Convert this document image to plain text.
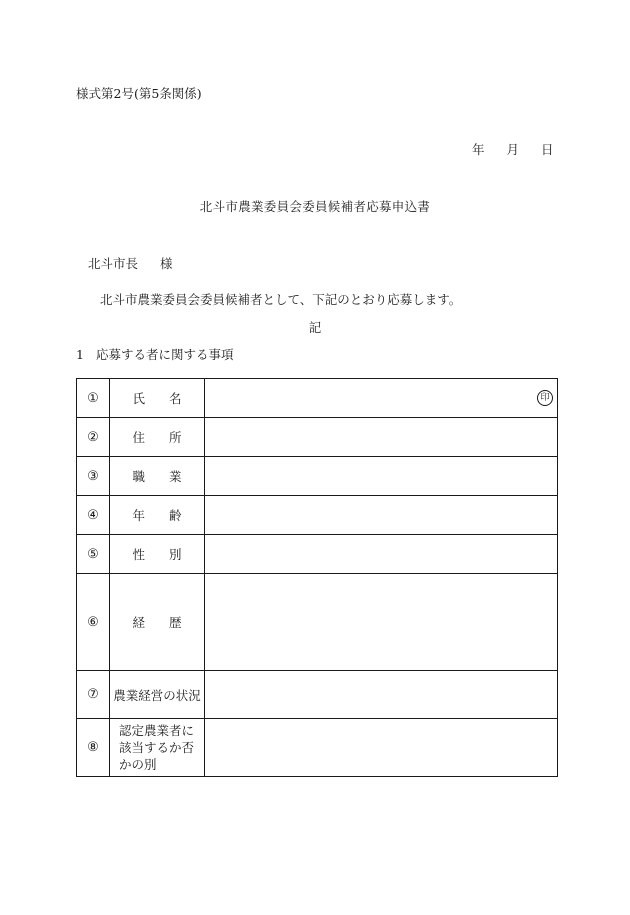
様式第2号(第5条関係)
年 月 日
北斗市農業委員会委員候補者応募申込書
北斗市長 様
北斗市農業委員会委員候補者として、下記のとおり応募します。
記
1 応募する者に関する事項
①	氏 名	印

②	住 所	
③	職 業	
④	年 齢	
⑤	性 別	
⑥	経 歴	
⑦	農業経営の状況	
⑧	認定農業者に該当するか否かの別	
